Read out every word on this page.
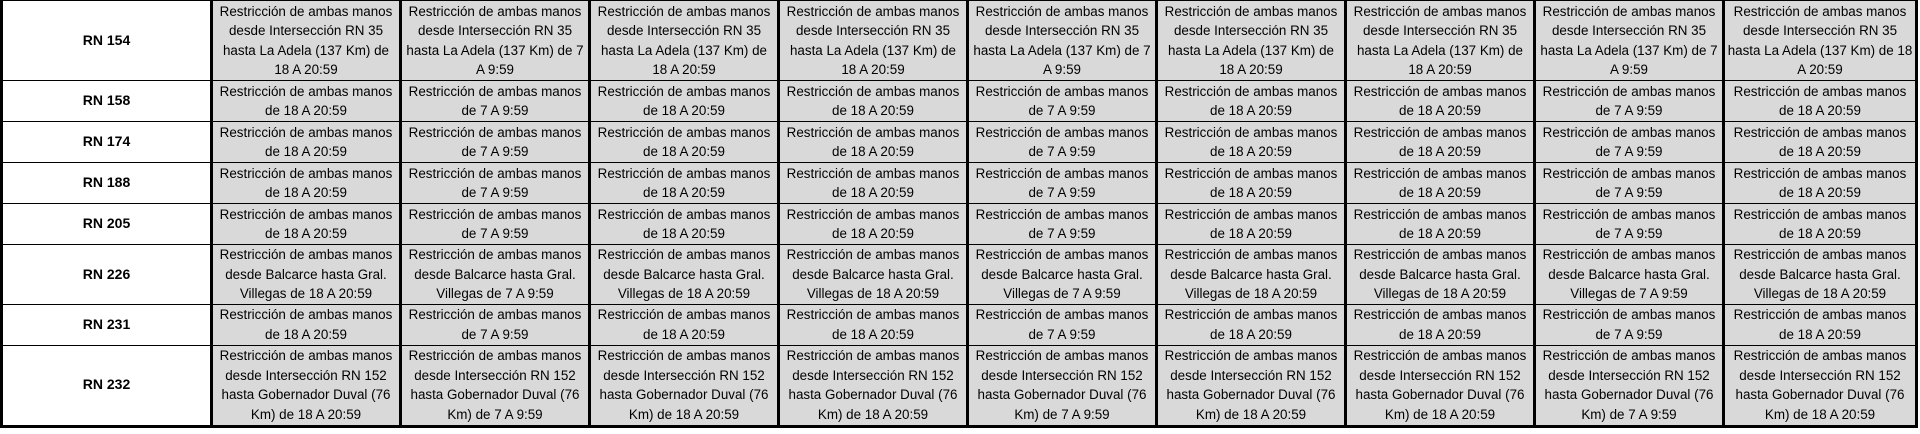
RN 154	Restricción de ambas manos desde Intersección RN 35 hasta La Adela (137 Km) de 18 A 20:59	Restricción de ambas manos desde Intersección RN 35 hasta La Adela (137 Km) de 7 A 9:59	Restricción de ambas manos desde Intersección RN 35 hasta La Adela (137 Km) de 18 A 20:59	Restricción de ambas manos desde Intersección RN 35 hasta La Adela (137 Km) de 18 A 20:59	Restricción de ambas manos desde Intersección RN 35 hasta La Adela (137 Km) de 7 A 9:59	Restricción de ambas manos desde Intersección RN 35 hasta La Adela (137 Km) de 18 A 20:59	Restricción de ambas manos desde Intersección RN 35 hasta La Adela (137 Km) de 18 A 20:59	Restricción de ambas manos desde Intersección RN 35 hasta La Adela (137 Km) de 7 A 9:59	Restricción de ambas manos desde Intersección RN 35 hasta La Adela (137 Km) de 18 A 20:59
RN 158	Restricción de ambas manos de 18 A 20:59	Restricción de ambas manos de 7 A 9:59	Restricción de ambas manos de 18 A 20:59	Restricción de ambas manos de 18 A 20:59	Restricción de ambas manos de 7 A 9:59	Restricción de ambas manos de 18 A 20:59	Restricción de ambas manos de 18 A 20:59	Restricción de ambas manos de 7 A 9:59	Restricción de ambas manos de 18 A 20:59
RN 174	Restricción de ambas manos de 18 A 20:59	Restricción de ambas manos de 7 A 9:59	Restricción de ambas manos de 18 A 20:59	Restricción de ambas manos de 18 A 20:59	Restricción de ambas manos de 7 A 9:59	Restricción de ambas manos de 18 A 20:59	Restricción de ambas manos de 18 A 20:59	Restricción de ambas manos de 7 A 9:59	Restricción de ambas manos de 18 A 20:59
RN 188	Restricción de ambas manos de 18 A 20:59	Restricción de ambas manos de 7 A 9:59	Restricción de ambas manos de 18 A 20:59	Restricción de ambas manos de 18 A 20:59	Restricción de ambas manos de 7 A 9:59	Restricción de ambas manos de 18 A 20:59	Restricción de ambas manos de 18 A 20:59	Restricción de ambas manos de 7 A 9:59	Restricción de ambas manos de 18 A 20:59
RN 205	Restricción de ambas manos de 18 A 20:59	Restricción de ambas manos de 7 A 9:59	Restricción de ambas manos de 18 A 20:59	Restricción de ambas manos de 18 A 20:59	Restricción de ambas manos de 7 A 9:59	Restricción de ambas manos de 18 A 20:59	Restricción de ambas manos de 18 A 20:59	Restricción de ambas manos de 7 A 9:59	Restricción de ambas manos de 18 A 20:59
RN 226	Restricción de ambas manos desde Balcarce hasta Gral. Villegas de 18 A 20:59	Restricción de ambas manos desde Balcarce hasta Gral. Villegas de 7 A 9:59	Restricción de ambas manos desde Balcarce hasta Gral. Villegas de 18 A 20:59	Restricción de ambas manos desde Balcarce hasta Gral. Villegas de 18 A 20:59	Restricción de ambas manos desde Balcarce hasta Gral. Villegas de 7 A 9:59	Restricción de ambas manos desde Balcarce hasta Gral. Villegas de 18 A 20:59	Restricción de ambas manos desde Balcarce hasta Gral. Villegas de 18 A 20:59	Restricción de ambas manos desde Balcarce hasta Gral. Villegas de 7 A 9:59	Restricción de ambas manos desde Balcarce hasta Gral. Villegas de 18 A 20:59
RN 231	Restricción de ambas manos de 18 A 20:59	Restricción de ambas manos de 7 A 9:59	Restricción de ambas manos de 18 A 20:59	Restricción de ambas manos de 18 A 20:59	Restricción de ambas manos de 7 A 9:59	Restricción de ambas manos de 18 A 20:59	Restricción de ambas manos de 18 A 20:59	Restricción de ambas manos de 7 A 9:59	Restricción de ambas manos de 18 A 20:59
RN 232	Restricción de ambas manos desde Intersección RN 152 hasta Gobernador Duval (76 Km) de 18 A 20:59	Restricción de ambas manos desde Intersección RN 152 hasta Gobernador Duval (76 Km) de 7 A 9:59	Restricción de ambas manos desde Intersección RN 152 hasta Gobernador Duval (76 Km) de 18 A 20:59	Restricción de ambas manos desde Intersección RN 152 hasta Gobernador Duval (76 Km) de 18 A 20:59	Restricción de ambas manos desde Intersección RN 152 hasta Gobernador Duval (76 Km) de 7 A 9:59	Restricción de ambas manos desde Intersección RN 152 hasta Gobernador Duval (76 Km) de 18 A 20:59	Restricción de ambas manos desde Intersección RN 152 hasta Gobernador Duval (76 Km) de 18 A 20:59	Restricción de ambas manos desde Intersección RN 152 hasta Gobernador Duval (76 Km) de 7 A 9:59	Restricción de ambas manos desde Intersección RN 152 hasta Gobernador Duval (76 Km) de 18 A 20:59
